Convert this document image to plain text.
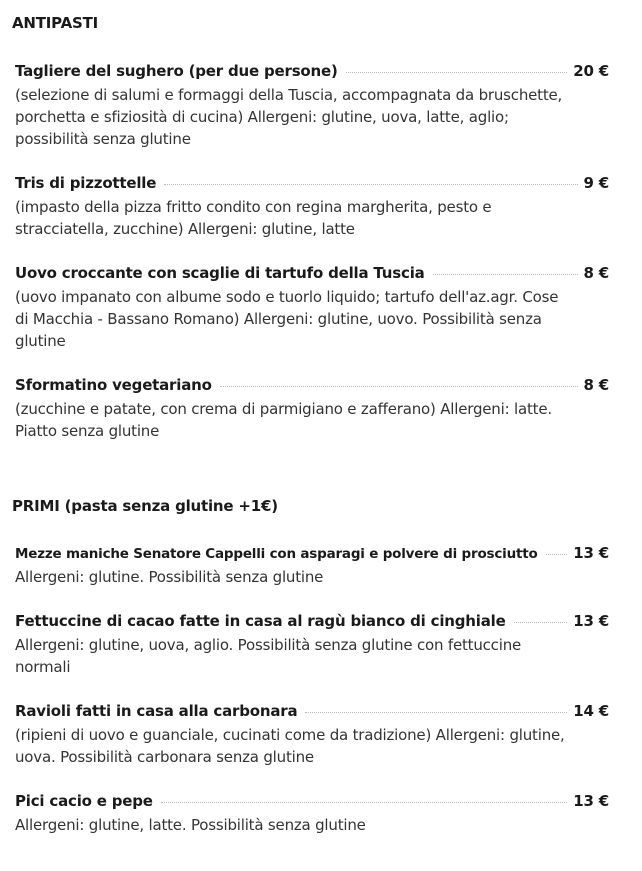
ANTIPASTI
Tagliere del sughero (per due persone)	20 €
(selezione di salumi e formaggi della Tuscia, accompagnata da bruschette, porchetta e sfiziosità di cucina) Allergeni: glutine, uova, latte, aglio; possibilità senza glutine
Tris di pizzottelle	9 €
(impasto della pizza fritto condito con regina margherita, pesto e stracciatella, zucchine) Allergeni: glutine, latte
Uovo croccante con scaglie di tartufo della Tuscia	8 €
(uovo impanato con albume sodo e tuorlo liquido; tartufo dell'az.agr. Cose di Macchia - Bassano Romano) Allergeni: glutine, uovo. Possibilità senza glutine
Sformatino vegetariano	8 €
(zucchine e patate, con crema di parmigiano e zafferano) Allergeni: latte. Piatto senza glutine
PRIMI (pasta senza glutine +1€)
Mezze maniche Senatore Cappelli con asparagi e polvere di prosciutto 13 €
Allergeni: glutine. Possibilità senza glutine
Fettuccine di cacao fatte in casa al ragù bianco di cinghiale	13 €
Allergeni: glutine, uova, aglio. Possibilità senza glutine con fettuccine normali
Ravioli fatti in casa alla carbonara	14 €
(ripieni di uovo e guanciale, cucinati come da tradizione) Allergeni: glutine, uova. Possibilità carbonara senza glutine
Pici cacio e pepe	13 €
Allergeni: glutine, latte. Possibilità senza glutine
